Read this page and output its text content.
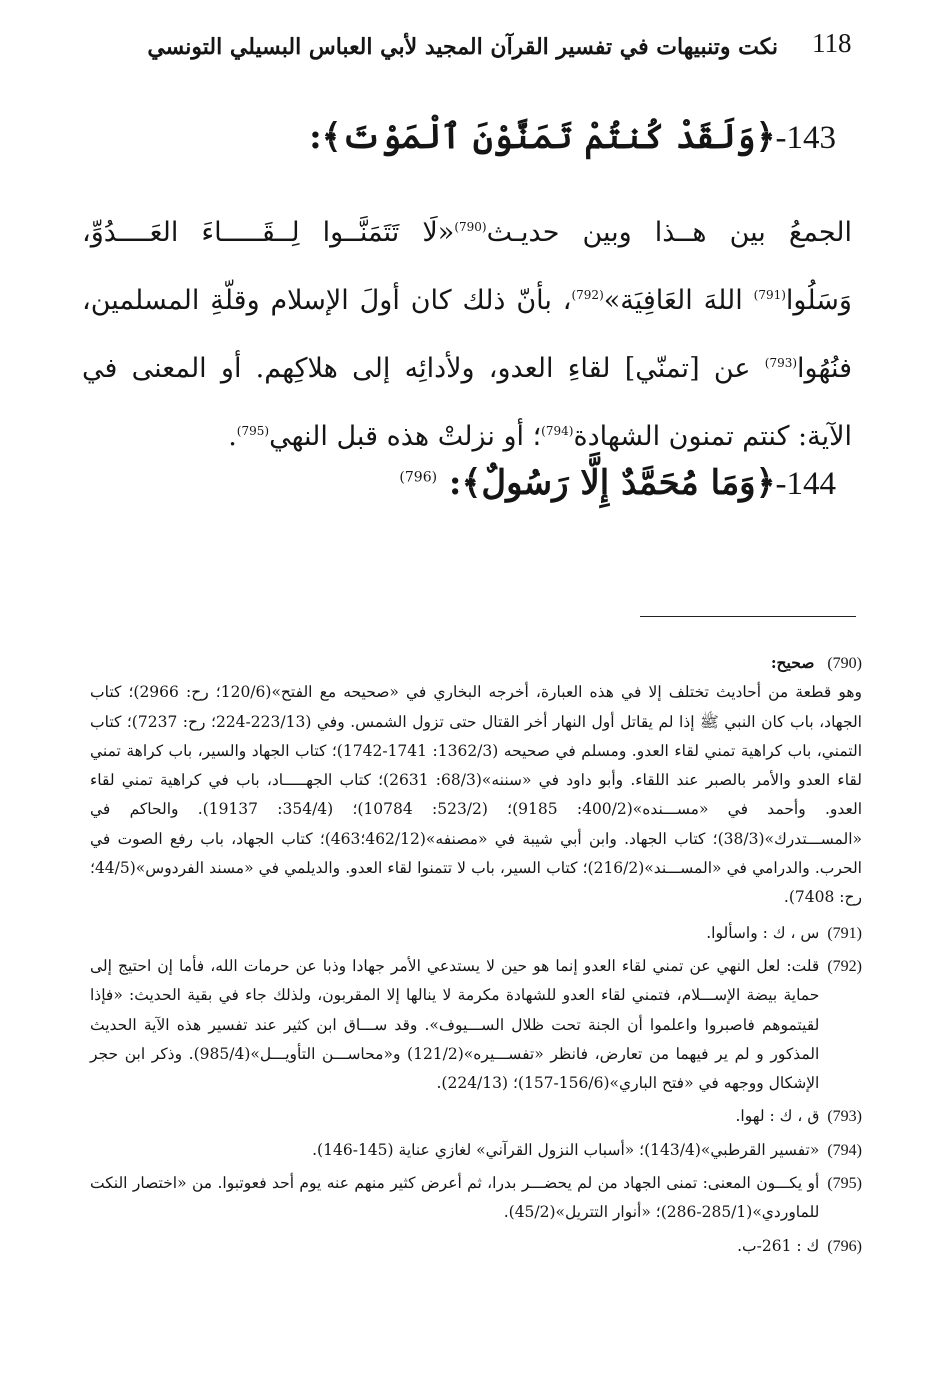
118
نكت وتنبيهات في تفسير القرآن المجيد لأبي العباس البسيلي التونسي
143-﴿وَلَقَدْ كُنتُمْ تَمَنَّوْنَ ٱلْمَوْتَ﴾:
الجمعُ بين هــذا وبين حديـث$^{(790)}$«لَا تَتَمَنَّــوا لِــقَـــــاءَ العَــــدُوِّ، وَسَلُوا$^{(791)}$ اللهَ العَافِيَة»$^{(792)}$، بأنّ ذلك كان أولَ الإسلام وقلّةِ المسلمين، فنُهُوا$^{(793)}$ عن [تمنّي] لقاءِ العدو، ولأدائِه إلى هلاكِهم. أو المعنى في الآية: كنتم تمنون الشهادة$^{(794)}$؛ أو نزلتْ هذه قبل النهي$^{(795)}$.
144-﴿وَمَا مُحَمَّدٌ إِلَّا رَسُولٌ﴾: $^{(796)}$
(790) صحيح:
وهو قطعة من أحاديث تختلف إلا في هذه العبارة، أخرجه البخاري في «صحيحه مع الفتح»(120/6؛ رح: 2966)؛ كتاب الجهاد، باب كان النبي ﷺ إذا لم يقاتل أول النهار أخر القتال حتى تزول الشمس. وفي (223/13-224؛ رح: 7237)؛ كتاب التمني، باب كراهية تمني لقاء العدو. ومسلم في صحيحه (1362/3: 1741-1742)؛ كتاب الجهاد والسير، باب كراهة تمني لقاء العدو والأمر بالصبر عند اللقاء. وأبو داود في «سننه»(68/3: 2631)؛ كتاب الجهـــــاد، باب في كراهية تمني لقاء العدو. وأحمد في «مســـنده»(400/2: 9185)؛ (523/2: 10784)؛ (354/4: 19137). والحاكم في «المســـتدرك»(38/3)؛ كتاب الجهاد. وابن أبي شيبة في «مصنفه»(462/12؛463)؛ كتاب الجهاد، باب رفع الصوت في الحرب. والدرامي في «المســـند»(216/2)؛ كتاب السير، باب لا تتمنوا لقاء العدو. والديلمي في «مسند الفردوس»(44/5؛ رح: 7408).
(791)
س ، ك : واسألوا.
(792)
قلت: لعل النهي عن تمني لقاء العدو إنما هو حين لا يستدعي الأمر جهادا وذبا عن حرمات الله، فأما إن احتيج إلى حماية بيضة الإســـلام، فتمني لقاء العدو للشهادة مكرمة لا ينالها إلا المقربون، ولذلك جاء في بقية الحديث: «فإذا لقيتموهم فاصبروا واعلموا أن الجنة تحت ظلال الســـيوف». وقد ســـاق ابن كثير عند تفسير هذه الآية الحديث المذكور و لم ير فيهما من تعارض، فانظر «تفســـيره»(121/2) و«محاســـن التأويـــل»(985/4). وذكر ابن حجر الإشكال ووجهه في «فتح الباري»(156/6-157)؛ (224/13).
(793)
ق ، ك : لهوا.
(794)
«تفسير القرطبي»(143/4)؛ «أسباب النزول القرآني» لغازي عناية (145-146).
(795)
أو يكـــون المعنى: تمنى الجهاد من لم يحضـــر بدرا، ثم أعرض كثير منهم عنه يوم أحد فعوتبوا. من «اختصار النكت للماوردي»(285/1-286)؛ «أنوار التتريل»(45/2).
(796)
ك : 261-ب.
